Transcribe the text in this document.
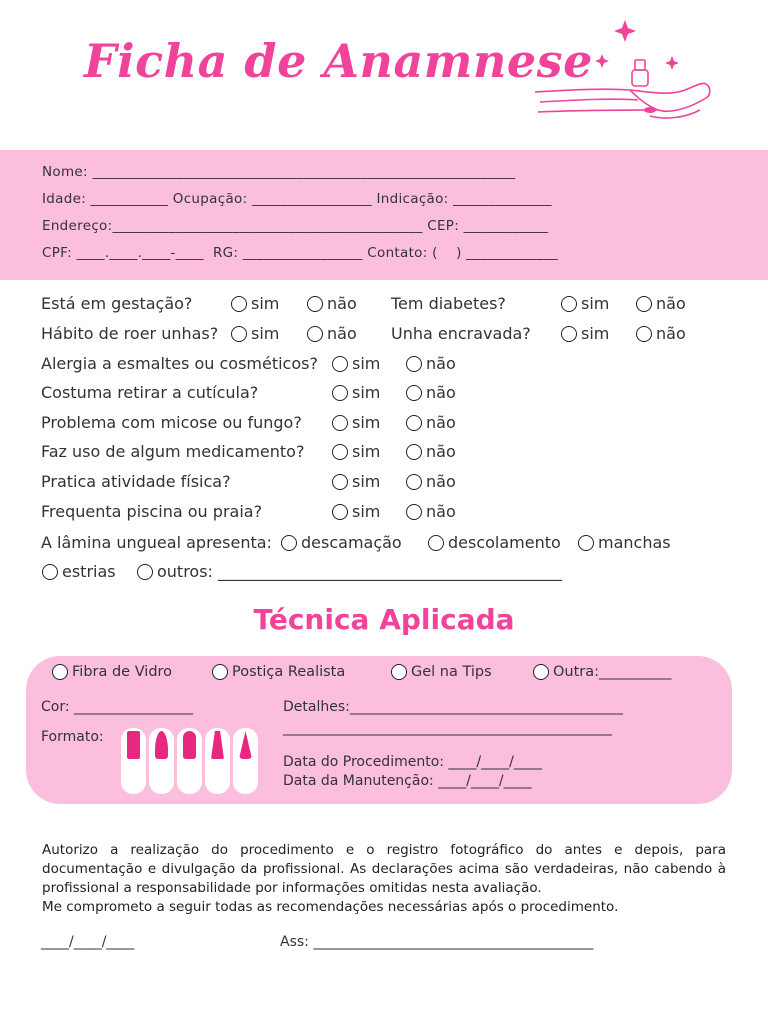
Ficha de Anamnese
Nome: ____________________________________________________________
Idade: ___________ Ocupação: _________________ Indicação: ______________
Endereço:____________________________________________ CEP: ____________
CPF: ____.____.____-____  RG: _________________ Contato: (    ) _____________
Está em gestação?	sim	não Tem diabetes?	sim	não
Hábito de roer unhas? sim	não Unha encravada?	sim	não
Alergia a esmaltes ou cosméticos? sim	não
Costuma retirar a cutícula?	sim	não
Problema com micose ou fungo?	sim	não
Faz uso de algum medicamento?	sim	não
Pratica atividade física?	sim	não
Frequenta piscina ou praia?	sim	não
A lâmina ungueal apresenta: descamação	descolamento manchas
estrias	outros: ___________________________________________
Técnica Aplicada
Fibra de Vidro	Postiça Realista	Gel na Tips	Outra:__________
Cor: _________________
Formato:
Detalhes:_______________________________________
_______________________________________________
Data do Procedimento: ____/____/____
Data da Manutenção: ____/____/____

Autorizo a realização do procedimento e o registro fotográfico do antes e depois, para documentação e divulgação da profissional. As declarações acima são verdadeiras, não cabendo à profissional a responsabilidade por informações omitidas nesta avaliação.

Me comprometo a seguir todas as recomendações necessárias após o procedimento.

____/____/____	Ass: ________________________________________
